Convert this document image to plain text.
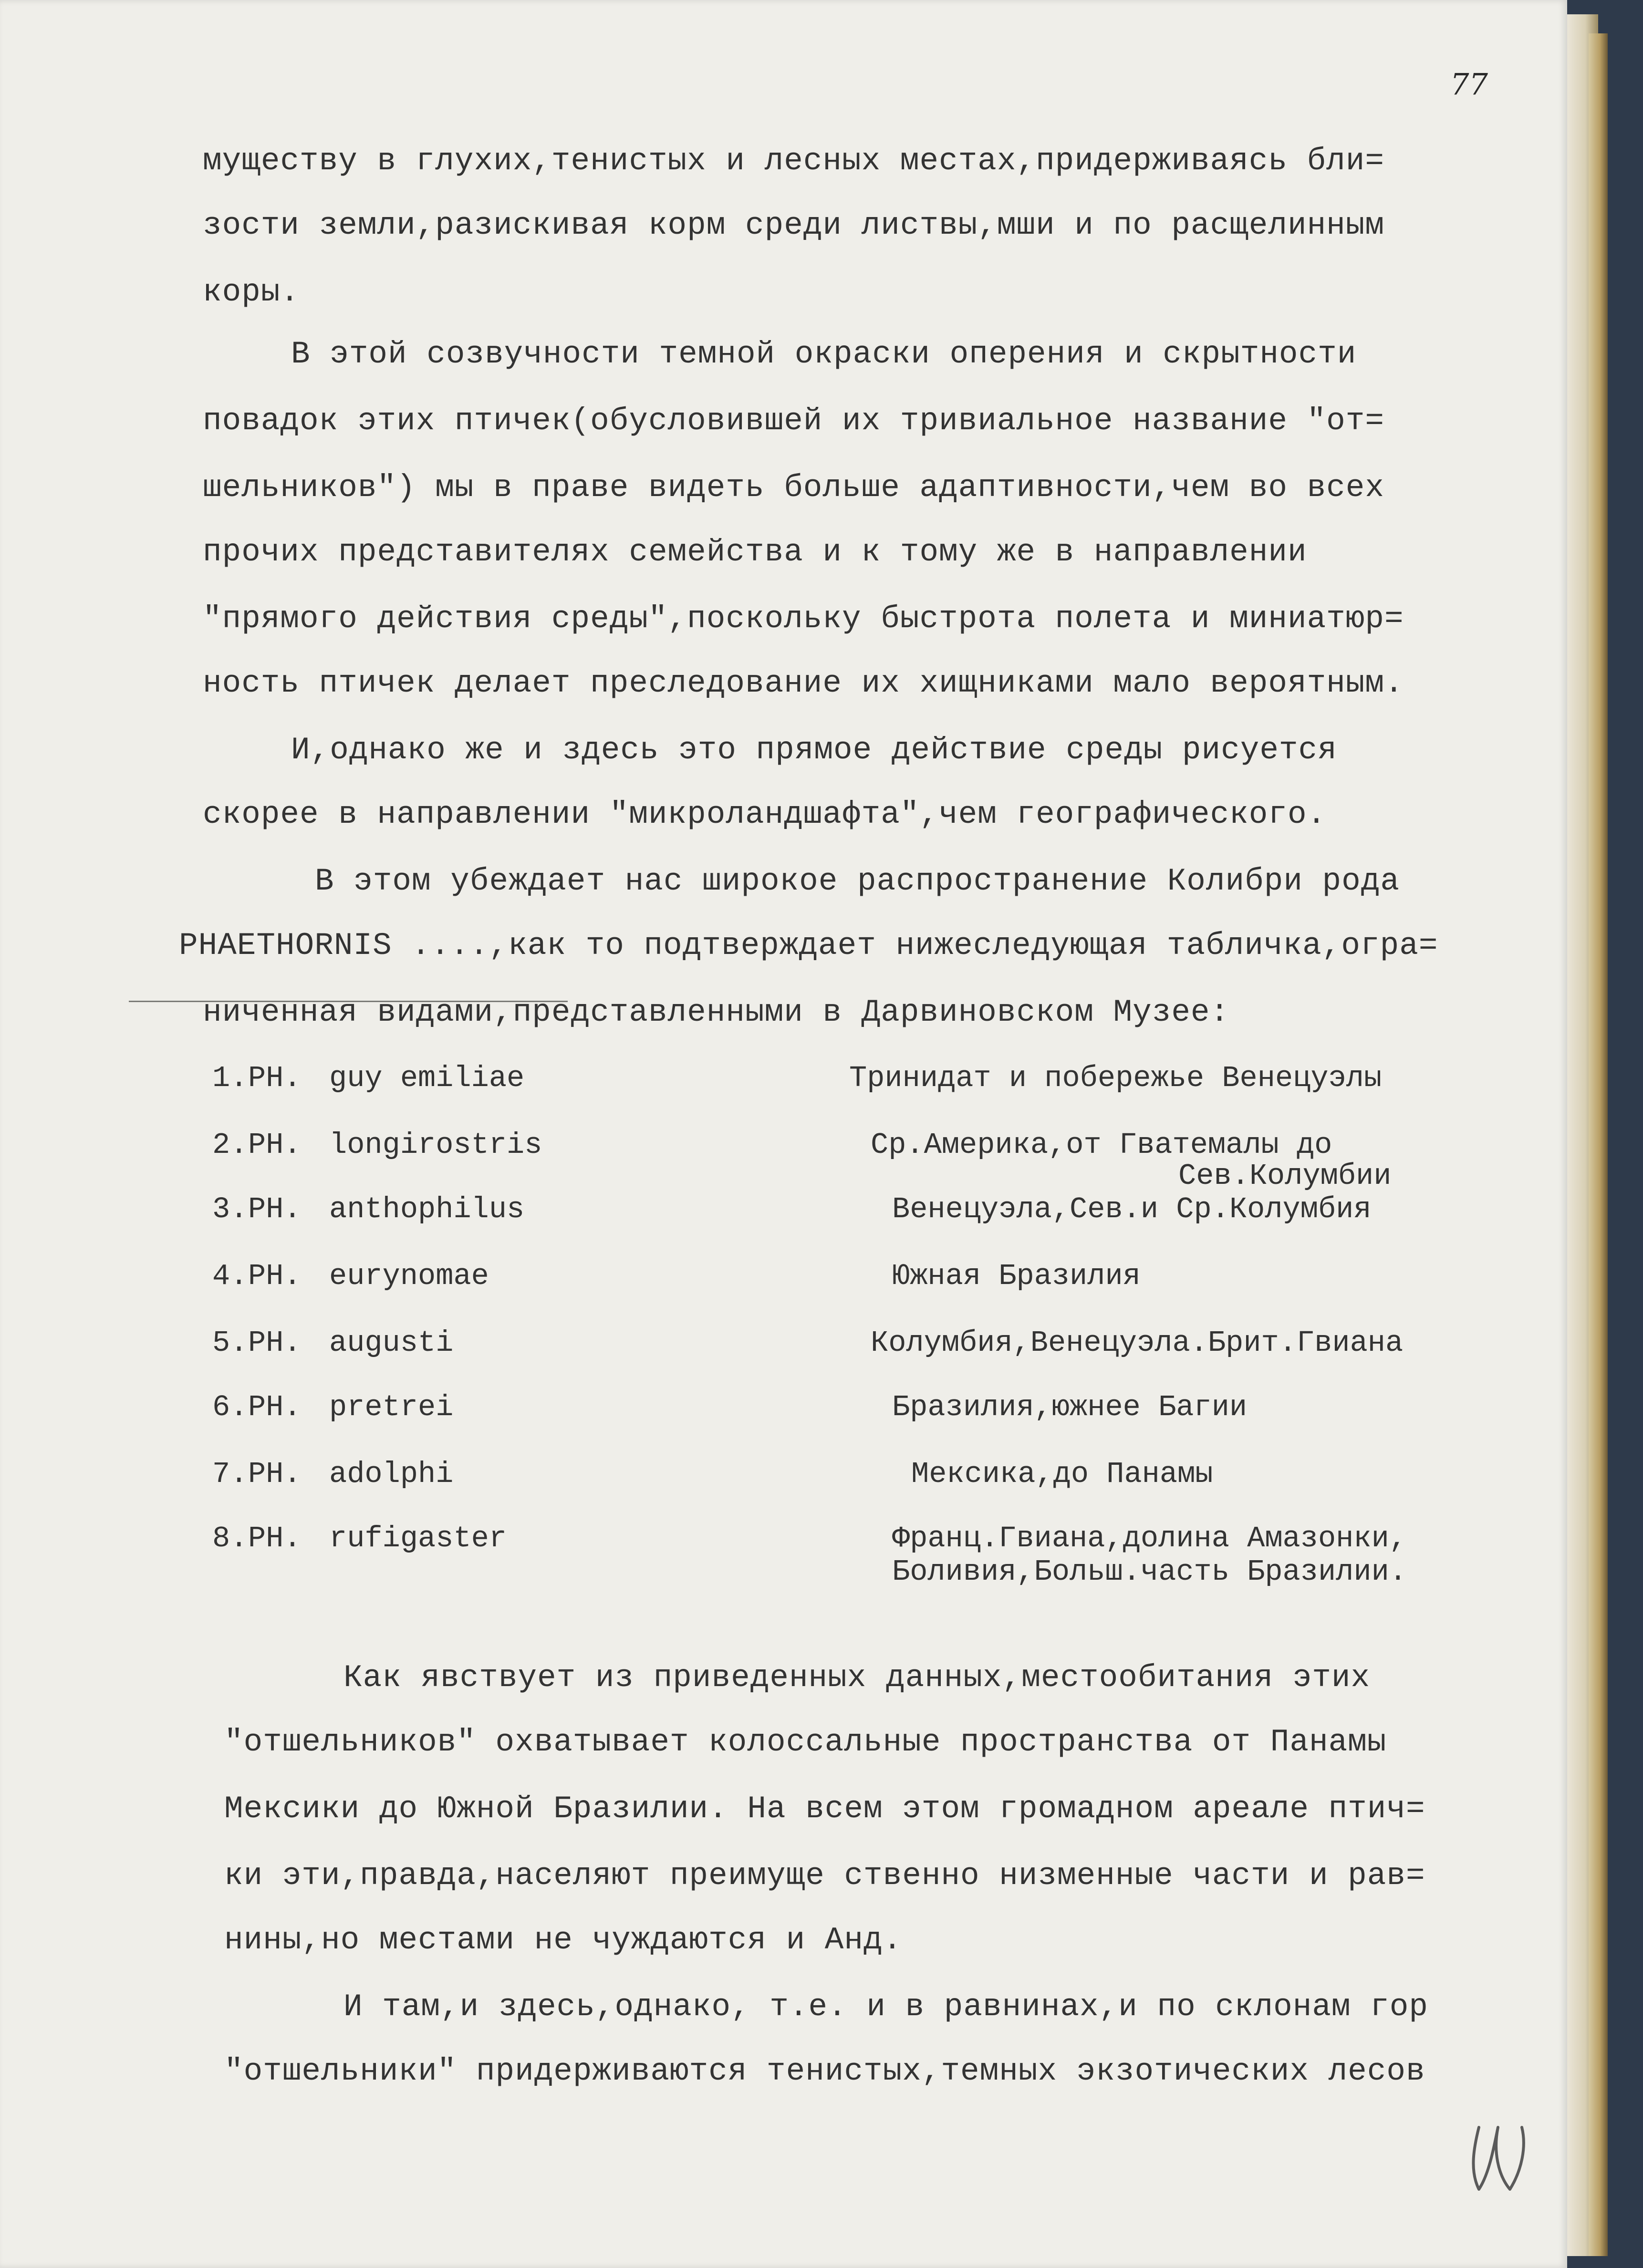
77
муществу в глухих,тенистых и лесных местах,придерживаясь бли=
зости земли,разискивая корм среди листвы,мши и по расщелинным
коры.
В этой созвучности темной окраски оперения и скрытности
повадок этих птичек(обусловившей их тривиальное название "от=
шельников") мы в праве видеть больше адаптивности,чем во всех
прочих представителях семейства и к тому же в направлении
"прямого действия среды",поскольку быстрота полета и миниатюр=
ность птичек делает преследование их хищниками мало вероятным.
И,однако же и здесь это прямое действие среды рисуется
скорее в направлении "микроландшафта",чем географического.
В этом убеждает нас широкое распространение Колибри рода
PHAETHORNIS ....,как то подтверждает нижеследующая табличка,огра=
ниченная видами,представленными в Дарвиновском Музее:
1. PH. guy emiliae	Тринидат и побережье Венецуэлы
2. PH. longirostris	Ср.Америка,от Гватемалы до
Сев.Колумбии
3. PH. anthophilus	Венецуэла,Сев.и Ср.Колумбия
4. PH. eurynomae	Южная Бразилия
5. PH. augusti	Колумбия,Венецуэла.Брит.Гвиана
6. PH. pretrei	Бразилия,южнее Багии
7. PH. adolphi	Мексика,до Панамы
8. PH. rufigaster	Франц.Гвиана,долина Амазонки,
Боливия,Больш.часть Бразилии.
Как явствует из приведенных данных,местообитания этих
"отшельников" охватывает колоссальные пространства от Панамы
Мексики до Южной Бразилии. На всем этом громадном ареале птич=
ки эти,правда,населяют преимуще ственно низменные части и рав=
нины,но местами не чуждаются и Анд.
И там,и здесь,однако, т.е. и в равнинах,и по склонам гор
"отшельники" придерживаются тенистых,темных экзотических лесов
